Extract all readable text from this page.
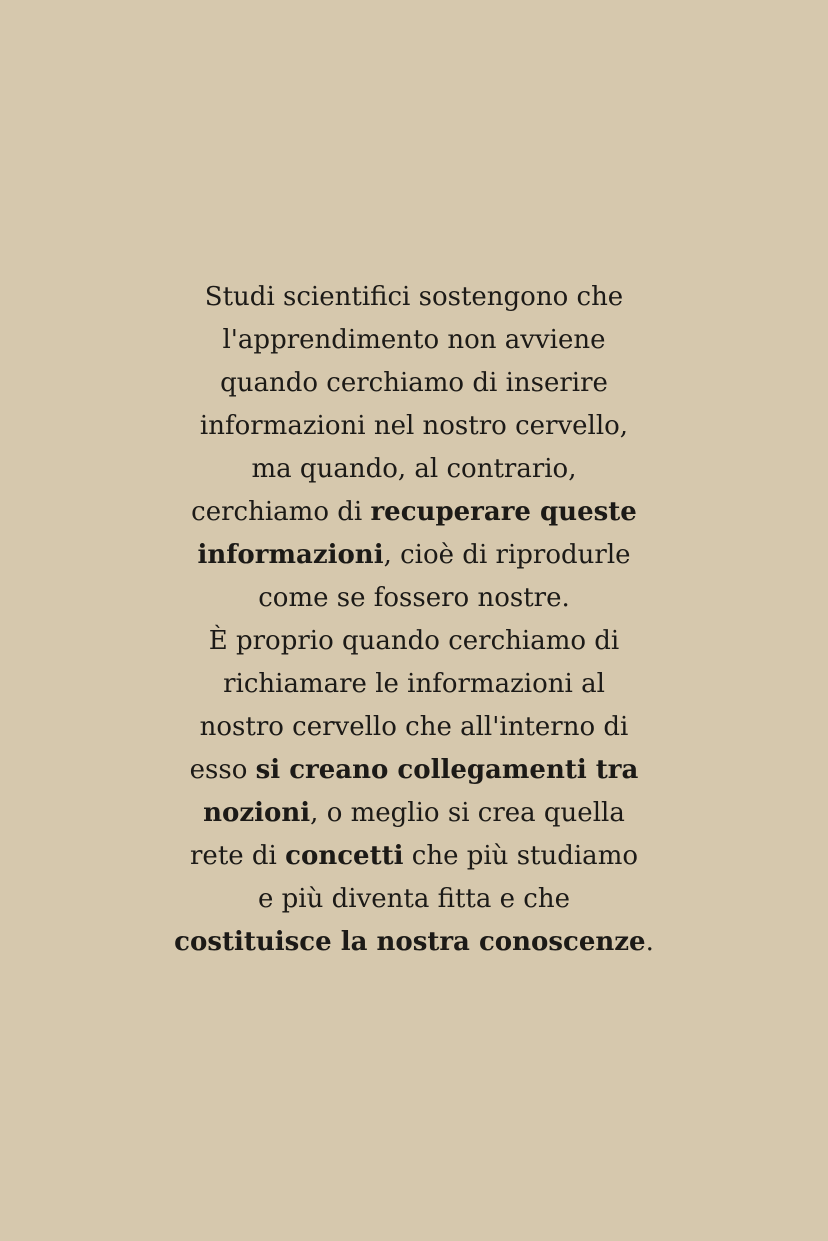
Studi scientifici sostengono che
l'apprendimento non avviene
quando cerchiamo di inserire
informazioni nel nostro cervello,
ma quando, al contrario,
cerchiamo di recuperare queste
informazioni, cioè di riprodurle
come se fossero nostre.
È proprio quando cerchiamo di
richiamare le informazioni al
nostro cervello che all'interno di
esso si creano collegamenti tra
nozioni, o meglio si crea quella
rete di concetti che più studiamo
e più diventa fitta e che
costituisce la nostra conoscenze.
